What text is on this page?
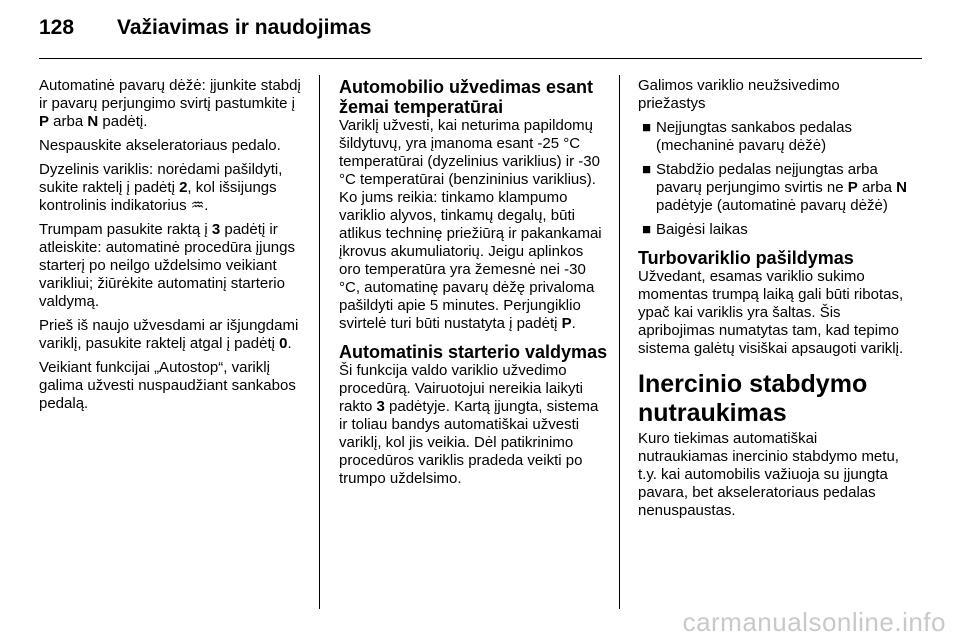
128 Važiavimas ir naudojimas

Automatinė pavarų dėžė: įjunkite stabdį ir pavarų perjungimo svirtį pastumkite į P arba N padėtį.

Nespauskite akseleratoriaus pedalo.

Dyzelinis variklis: norėdami pašildyti, sukite raktelį į padėtį 2, kol išsijungs kontrolinis indikatorius ♒.

Trumpam pasukite raktą į 3 padėtį ir atleiskite: automatinė procedūra įjungs starterį po neilgo uždelsimo veikiant varikliui; žiūrėkite automatinį starterio valdymą.

Prieš iš naujo užvesdami ar išjungdami variklį, pasukite raktelį atgal į padėtį 0.

Veikiant funkcijai „Autostop“, variklį galima užvesti nuspaudžiant sankabos pedalą.

Automobilio užvedimas esant žemai temperatūrai

Variklį užvesti, kai neturima papildomų šildytuvų, yra įmanoma esant -25 °C temperatūrai (dyzelinius variklius) ir -30 °C temperatūrai (benzininius variklius). Ko jums reikia: tinkamo klampumo variklio alyvos, tinkamų degalų, būti atlikus techninę priežiūrą ir pakankamai įkrovus akumuliatorių. Jeigu aplinkos oro temperatūra yra žemesnė nei -30 °C, automatinę pavarų dėžę privaloma pašildyti apie 5 minutes. Perjungiklio svirtelė turi būti nustatyta į padėtį P.

Automatinis starterio valdymas

Ši funkcija valdo variklio užvedimo procedūrą. Vairuotojui nereikia laikyti rakto 3 padėtyje. Kartą įjungta, sistema ir toliau bandys automatiškai užvesti variklį, kol jis veikia. Dėl patikrinimo procedūros variklis pradeda veikti po trumpo uždelsimo.

Galimos variklio neužsivedimo priežastys

■ Neįjungtas sankabos pedalas (mechaninė pavarų dėžė)
■ Stabdžio pedalas neįjungtas arba pavarų perjungimo svirtis ne P arba N padėtyje (automatinė pavarų dėžė)
■ Baigėsi laikas
Turbovariklio pašildymas

Užvedant, esamas variklio sukimo momentas trumpą laiką gali būti ribotas, ypač kai variklis yra šaltas. Šis apribojimas numatytas tam, kad tepimo sistema galėtų visiškai apsaugoti variklį.

Inercinio stabdymo nutraukimas

Kuro tiekimas automatiškai nutraukiamas inercinio stabdymo metu, t.y. kai automobilis važiuoja su įjungta pavara, bet akseleratoriaus pedalas nenuspaustas.

carmanualsonline.info
